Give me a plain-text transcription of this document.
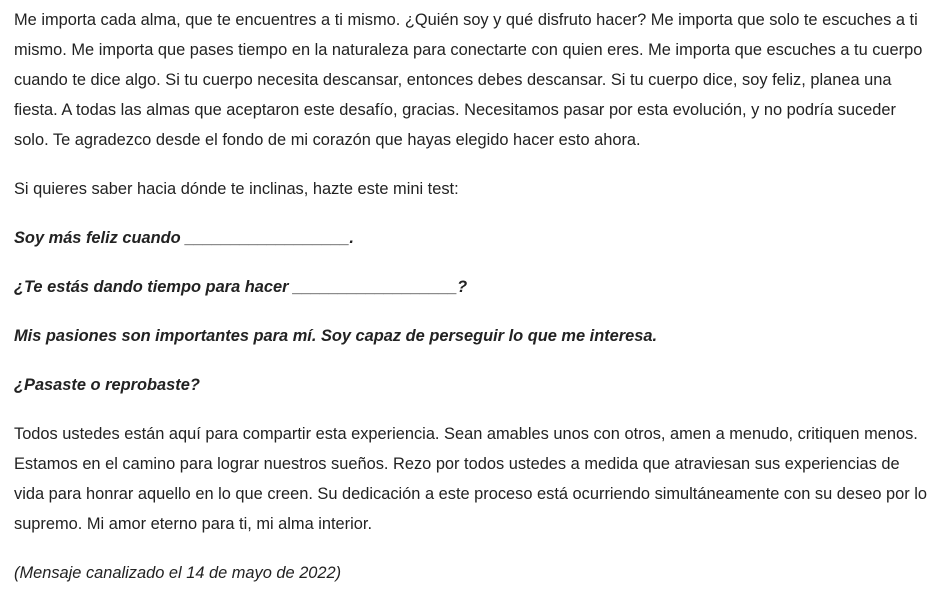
Me importa cada alma, que te encuentres a ti mismo. ¿Quién soy y qué disfruto hacer? Me importa que solo te escuches a ti mismo. Me importa que pases tiempo en la naturaleza para conectarte con quien eres. Me importa que escuches a tu cuerpo cuando te dice algo. Si tu cuerpo necesita descansar, entonces debes descansar. Si tu cuerpo dice, soy feliz, planea una fiesta. A todas las almas que aceptaron este desafío, gracias. Necesitamos pasar por esta evolución, y no podría suceder solo. Te agradezco desde el fondo de mi corazón que hayas elegido hacer esto ahora.

Si quieres saber hacia dónde te inclinas, hazte este mini test:

Soy más feliz cuando __________________.

¿Te estás dando tiempo para hacer __________________?

Mis pasiones son importantes para mí. Soy capaz de perseguir lo que me interesa.

¿Pasaste o reprobaste?

Todos ustedes están aquí para compartir esta experiencia. Sean amables unos con otros, amen a menudo, critiquen menos. Estamos en el camino para lograr nuestros sueños. Rezo por todos ustedes a medida que atraviesan sus experiencias de vida para honrar aquello en lo que creen. Su dedicación a este proceso está ocurriendo simultáneamente con su deseo por lo supremo. Mi amor eterno para ti, mi alma interior.

(Mensaje canalizado el 14 de mayo de 2022)
